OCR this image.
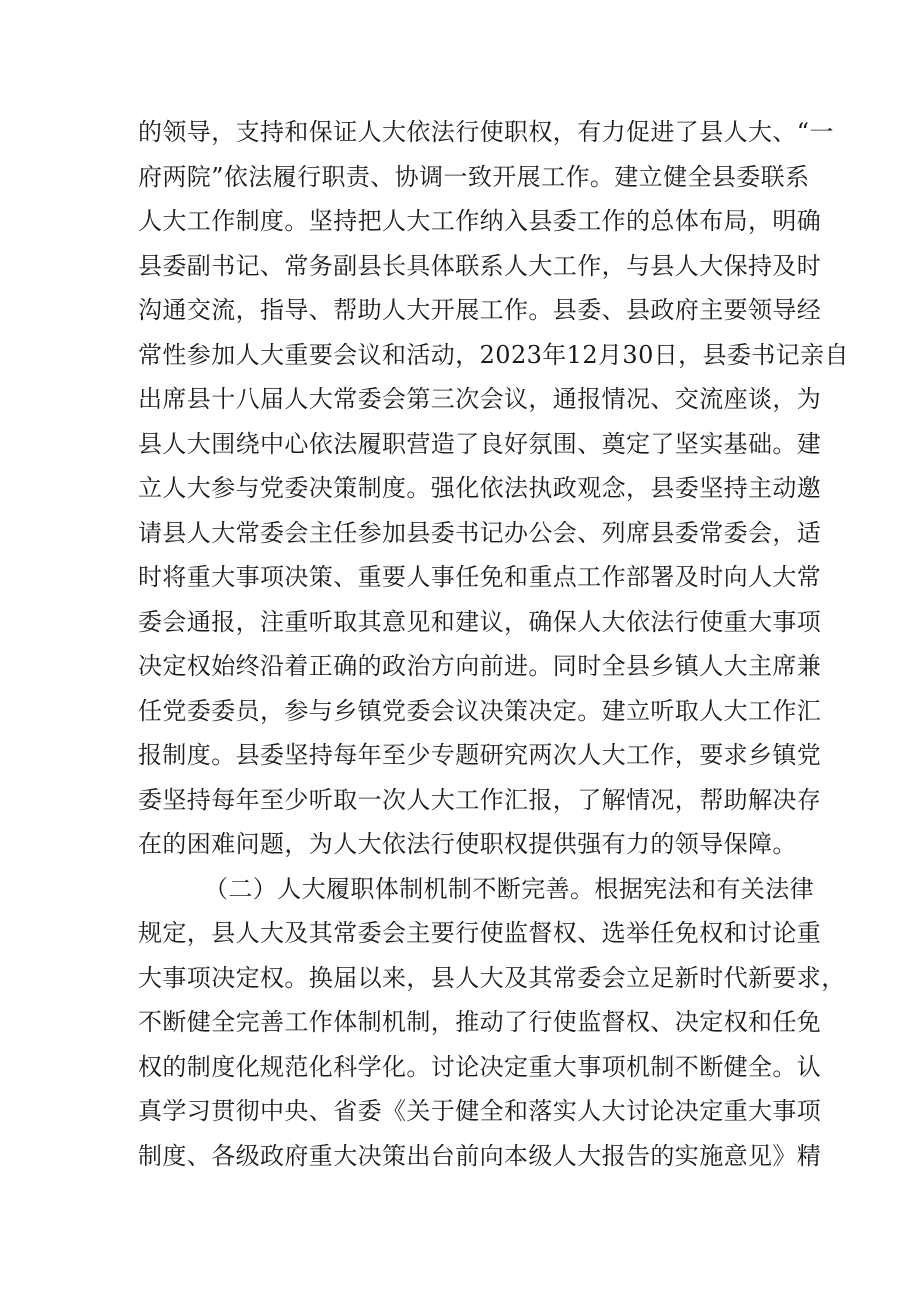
的领导，支持和保证人大依法行使职权，有力促进了县人大、“一
府两院”依法履行职责、协调一致开展工作。建立健全县委联系
人大工作制度。坚持把人大工作纳入县委工作的总体布局，明确
县委副书记、常务副县长具体联系人大工作，与县人大保持及时
沟通交流，指导、帮助人大开展工作。县委、县政府主要领导经
常性参加人大重要会议和活动，2023年12月30日，县委书记亲自
出席县十八届人大常委会第三次会议，通报情况、交流座谈，为
县人大围绕中心依法履职营造了良好氛围、奠定了坚实基础。建
立人大参与党委决策制度。强化依法执政观念，县委坚持主动邀
请县人大常委会主任参加县委书记办公会、列席县委常委会，适
时将重大事项决策、重要人事任免和重点工作部署及时向人大常
委会通报，注重听取其意见和建议，确保人大依法行使重大事项
决定权始终沿着正确的政治方向前进。同时全县乡镇人大主席兼
任党委委员，参与乡镇党委会议决策决定。建立听取人大工作汇
报制度。县委坚持每年至少专题研究两次人大工作，要求乡镇党
委坚持每年至少听取一次人大工作汇报，了解情况，帮助解决存
在的困难问题，为人大依法行使职权提供强有力的领导保障。
（二）人大履职体制机制不断完善。根据宪法和有关法律
规定，县人大及其常委会主要行使监督权、选举任免权和讨论重
大事项决定权。换届以来，县人大及其常委会立足新时代新要求，
不断健全完善工作体制机制，推动了行使监督权、决定权和任免
权的制度化规范化科学化。讨论决定重大事项机制不断健全。认
真学习贯彻中央、省委《关于健全和落实人大讨论决定重大事项
制度、各级政府重大决策出台前向本级人大报告的实施意见》精
